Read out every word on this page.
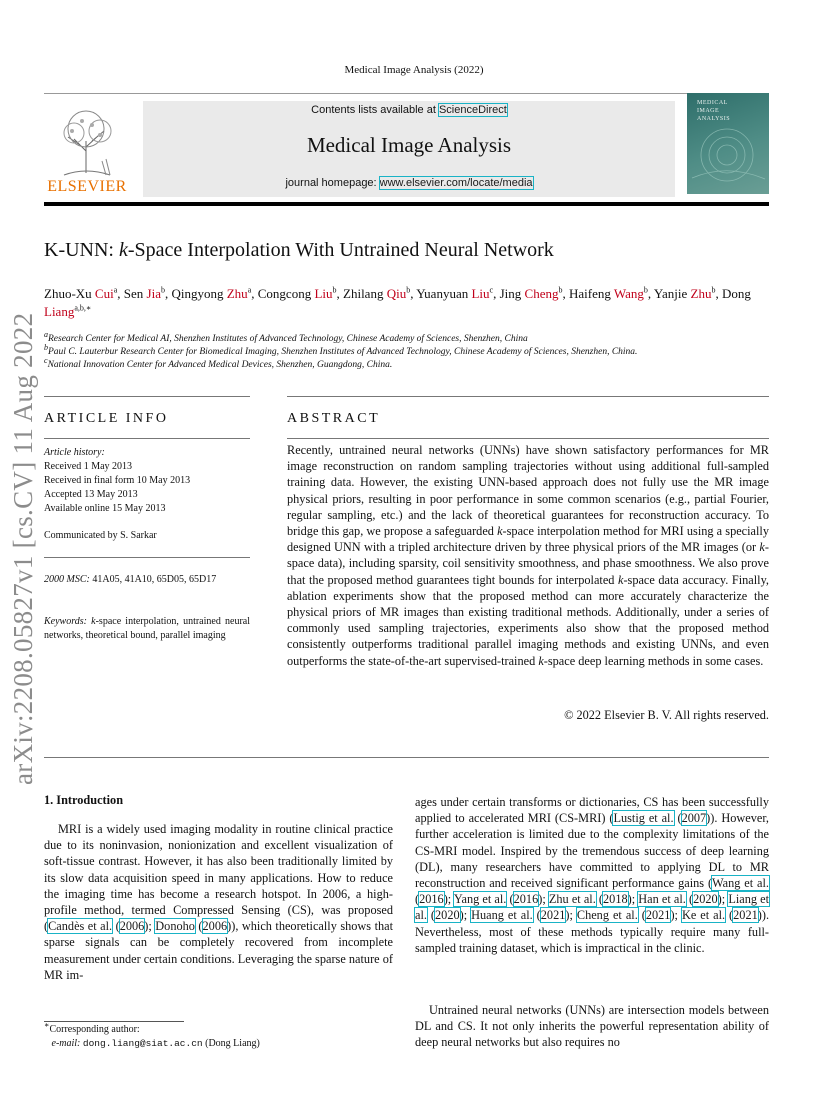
Medical Image Analysis (2022)
ELSEVIER
Contents lists available at ScienceDirect
Medical Image Analysis
journal homepage: www.elsevier.com/locate/media
MEDICAL
IMAGE
ANALYSIS
K-UNN: k-Space Interpolation With Untrained Neural Network
Zhuo-Xu Cui$^a$, Sen Jia$^b$, Qingyong Zhu$^a$, Congcong Liu$^b$, Zhilang Qiu$^b$, Yuanyuan Liu$^c$, Jing Cheng$^b$, Haifeng Wang$^b$, Yanjie Zhu$^b$, Dong Liang$^{a,b,∗}$
$^a$Research Center for Medical AI, Shenzhen Institutes of Advanced Technology, Chinese Academy of Sciences, Shenzhen, China
$^b$Paul C. Lauterbur Research Center for Biomedical Imaging, Shenzhen Institutes of Advanced Technology, Chinese Academy of Sciences, Shenzhen, China.
$^c$National Innovation Center for Advanced Medical Devices, Shenzhen, Guangdong, China.
ARTICLE INFO
Article history:
Received 1 May 2013
Received in final form 10 May 2013
Accepted 13 May 2013
Available online 15 May 2013
Communicated by S. Sarkar
2000 MSC: 41A05, 41A10, 65D05, 65D17
Keywords: k-space interpolation, untrained neural networks, theoretical bound, parallel imaging
ABSTRACT
Recently, untrained neural networks (UNNs) have shown satisfactory performances for MR image reconstruction on random sampling trajectories without using additional full-sampled training data. However, the existing UNN-based approach does not fully use the MR image physical priors, resulting in poor performance in some common scenarios (e.g., partial Fourier, regular sampling, etc.) and the lack of theoretical guarantees for reconstruction accuracy. To bridge this gap, we propose a safeguarded k-space interpolation method for MRI using a specially designed UNN with a tripled architecture driven by three physical priors of the MR images (or k-space data), including sparsity, coil sensitivity smoothness, and phase smoothness. We also prove that the proposed method guarantees tight bounds for interpolated k-space data accuracy. Finally, ablation experiments show that the proposed method can more accurately characterize the physical priors of MR images than existing traditional methods. Additionally, under a series of commonly used sampling trajectories, experiments also show that the proposed method consistently outperforms traditional parallel imaging methods and existing UNNs, and even outperforms the state-of-the-art supervised-trained k-space deep learning methods in some cases.
© 2022 Elsevier B. V. All rights reserved.
arXiv:2208.05827v1 [cs.CV] 11 Aug 2022
1. Introduction
MRI is a widely used imaging modality in routine clinical practice due to its noninvasion, nonionization and excellent visualization of soft-tissue contrast. However, it has also been traditionally limited by its slow data acquisition speed in many applications. How to reduce the imaging time has become a research hotspot. In 2006, a high-profile method, termed Compressed Sensing (CS), was proposed (Candès et al. (2006); Donoho (2006)), which theoretically shows that sparse signals can be completely recovered from incomplete measurement under certain conditions. Leveraging the sparse nature of MR im-
ages under certain transforms or dictionaries, CS has been successfully applied to accelerated MRI (CS-MRI) (Lustig et al. (2007)). However, further acceleration is limited due to the complexity limitations of the CS-MRI model. Inspired by the tremendous success of deep learning (DL), many researchers have committed to applying DL to MR reconstruction and received significant performance gains (Wang et al. (2016); Yang et al. (2016); Zhu et al. (2018); Han et al. (2020); Liang et al. (2020); Huang et al. (2021); Cheng et al. (2021); Ke et al. (2021)). Nevertheless, most of these methods typically require many full-sampled training dataset, which is impractical in the clinic.
Untrained neural networks (UNNs) are intersection models between DL and CS. It not only inherits the powerful representation ability of deep neural networks but also requires no
∗Corresponding author:
e-mail: dong.liang@siat.ac.cn (Dong Liang)
